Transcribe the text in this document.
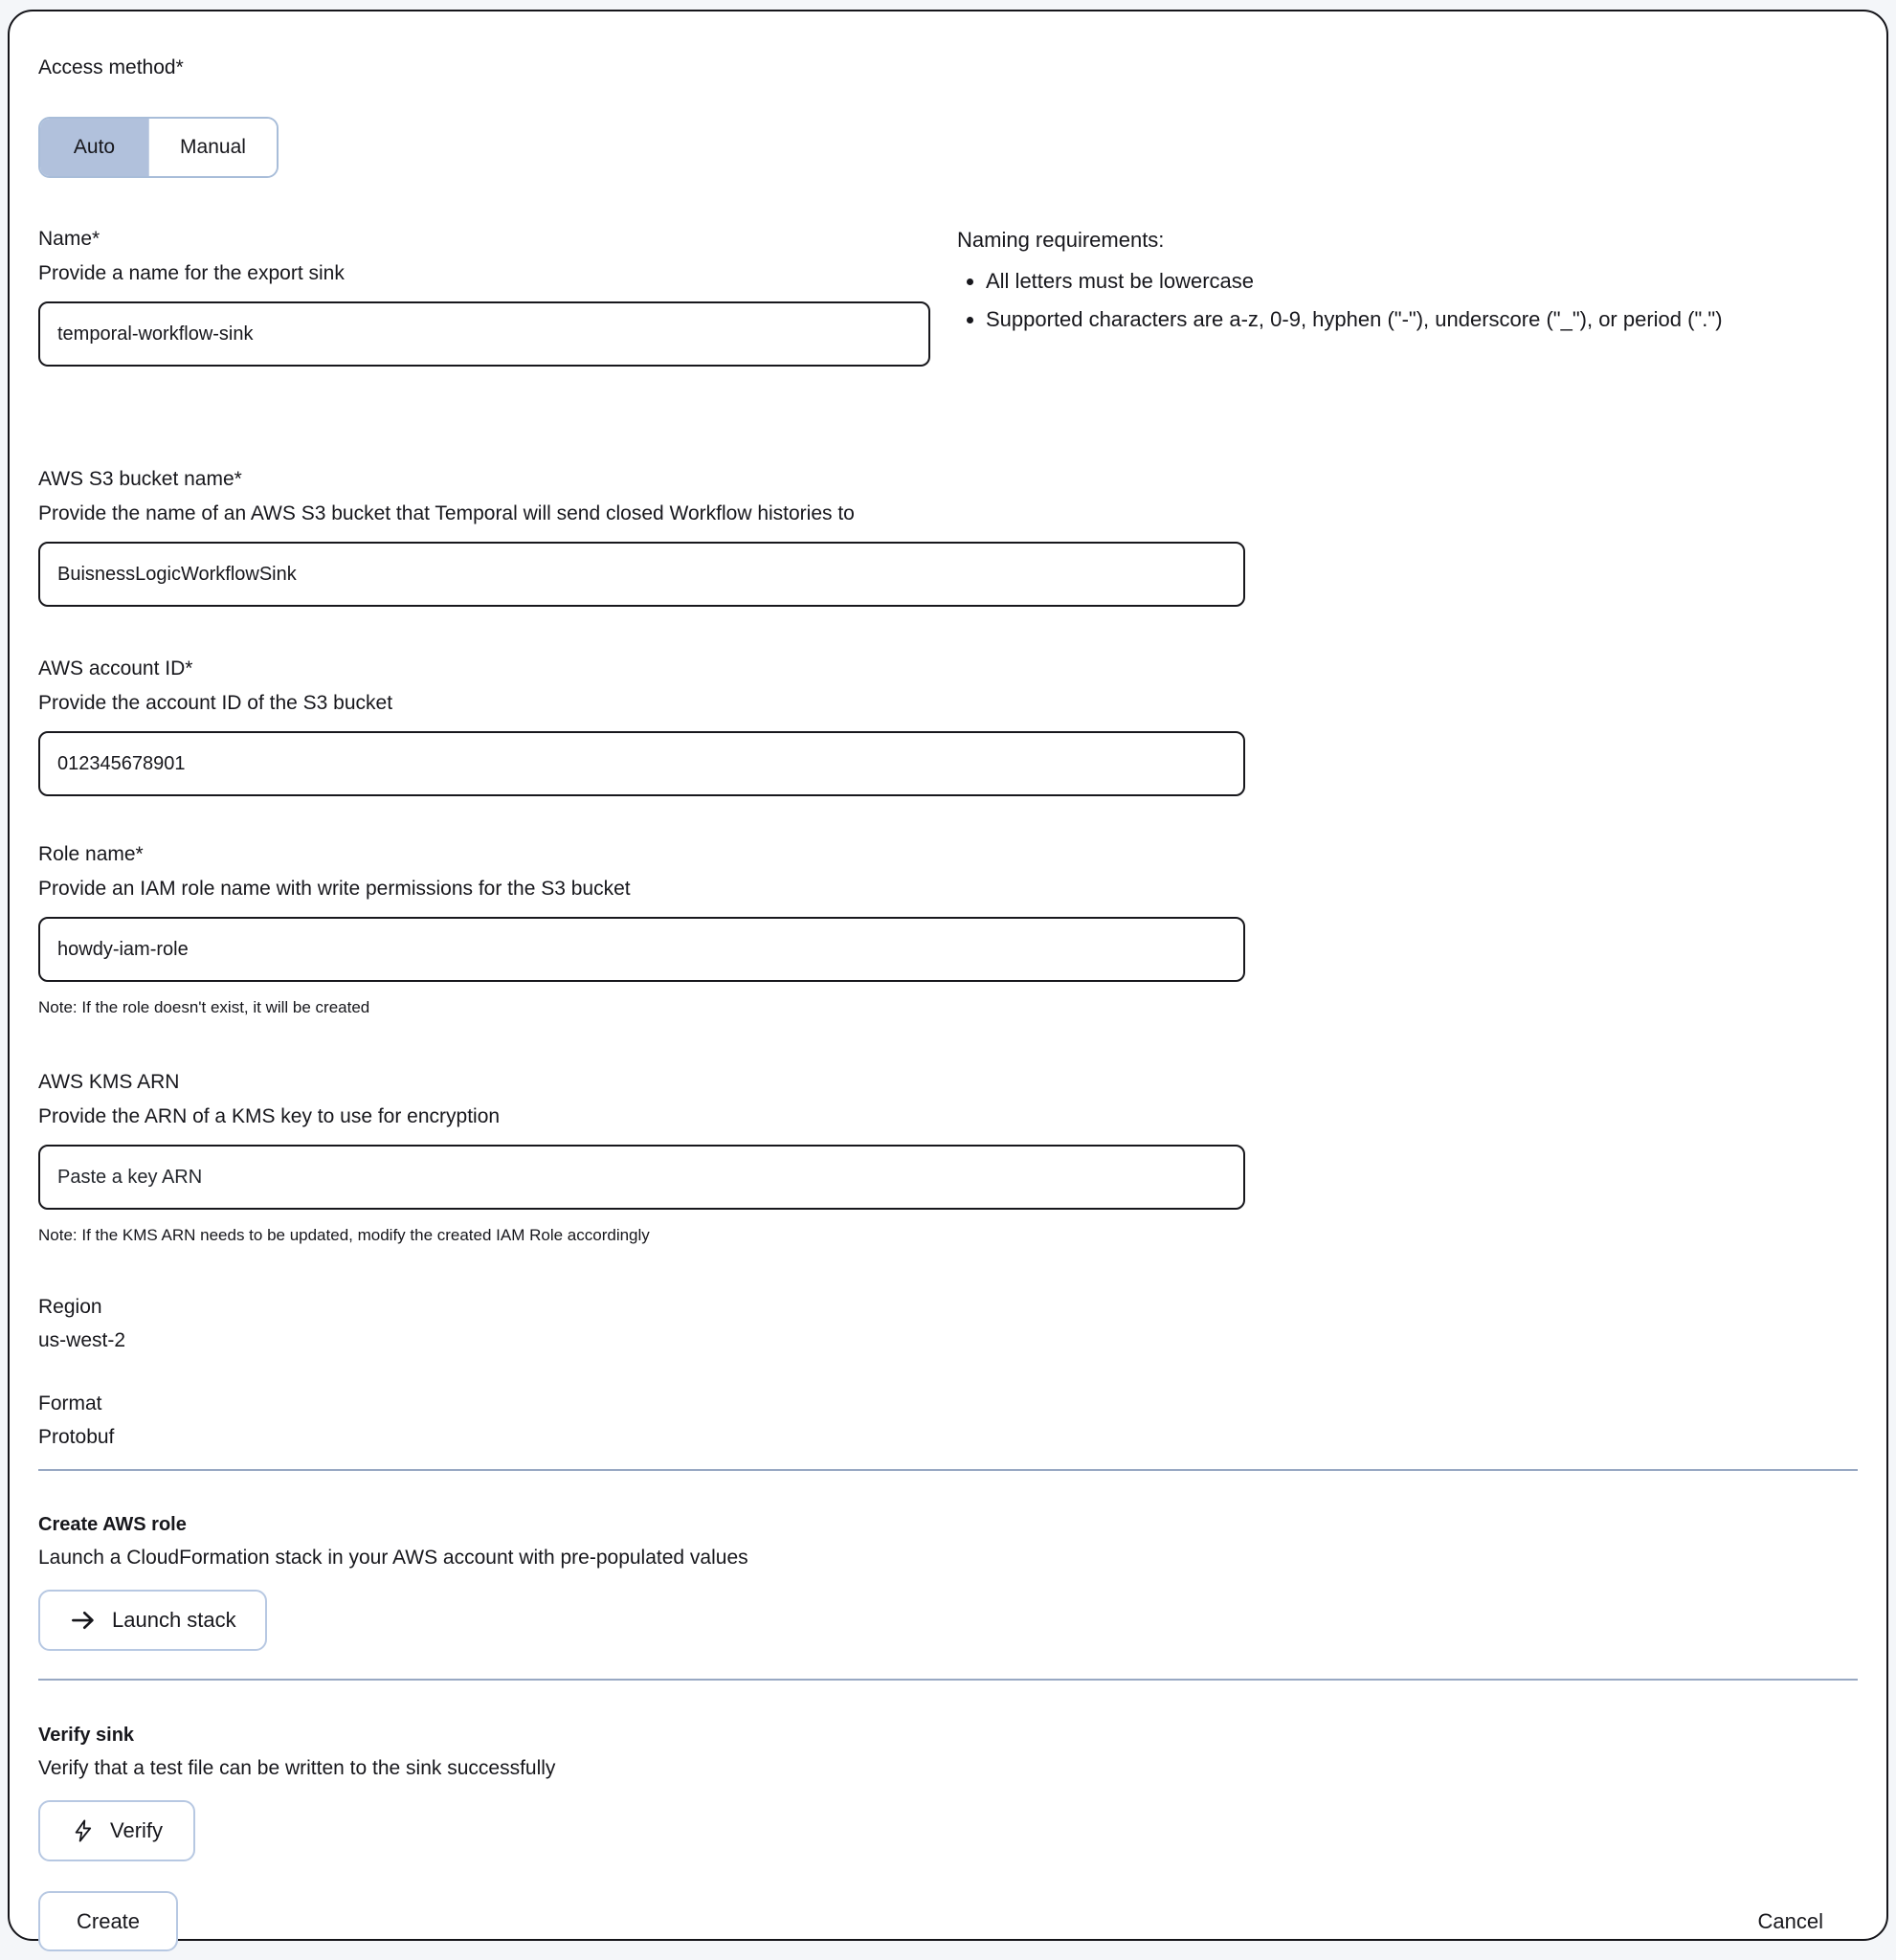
Access method*
Auto	Manual
Name*
Provide a name for the export sink
temporal-workflow-sink
Naming requirements:
• All letters must be lowercase
• Supported characters are a-z, 0-9, hyphen ("-"), underscore ("_"), or period (".")
AWS S3 bucket name*
Provide the name of an AWS S3 bucket that Temporal will send closed Workflow histories to
BuisnessLogicWorkflowSink
AWS account ID*
Provide the account ID of the S3 bucket
012345678901
Role name*
Provide an IAM role name with write permissions for the S3 bucket
howdy-iam-role
Note: If the role doesn't exist, it will be created
AWS KMS ARN
Provide the ARN of a KMS key to use for encryption
Paste a key ARN
Note: If the KMS ARN needs to be updated, modify the created IAM Role accordingly
Region
us-west-2
Format
Protobuf
Create AWS role
Launch a CloudFormation stack in your AWS account with pre-populated values
Launch stack
Verify sink
Verify that a test file can be written to the sink successfully
Verify
Create	Cancel
